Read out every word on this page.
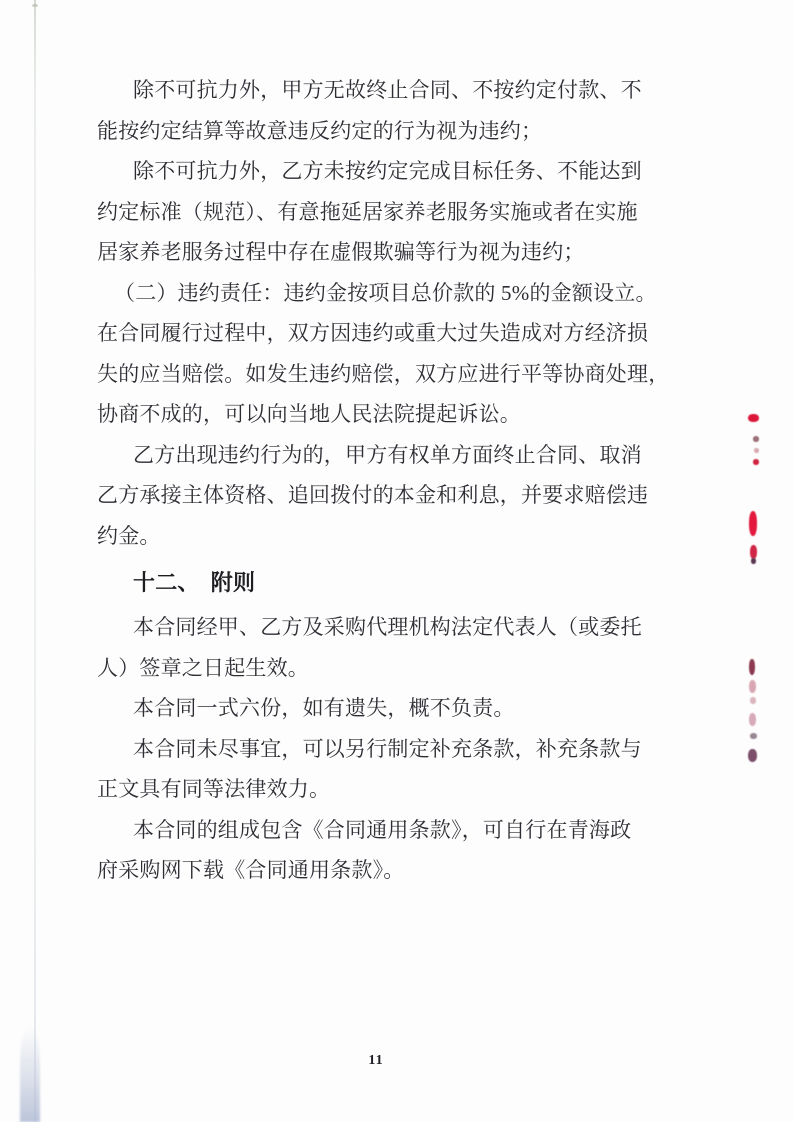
除不可抗力外，甲方无故终止合同、不按约定付款、不
能按约定结算等故意违反约定的行为视为违约；
除不可抗力外，乙方未按约定完成目标任务、不能达到
约定标准（规范）、有意拖延居家养老服务实施或者在实施
居家养老服务过程中存在虚假欺骗等行为视为违约；
（二）违约责任：违约金按项目总价款的 5%的金额设立。
在合同履行过程中，双方因违约或重大过失造成对方经济损
失的应当赔偿。如发生违约赔偿，双方应进行平等协商处理，
协商不成的，可以向当地人民法院提起诉讼。
乙方出现违约行为的，甲方有权单方面终止合同、取消
乙方承接主体资格、追回拨付的本金和利息，并要求赔偿违
约金。
十二、　附则
本合同经甲、乙方及采购代理机构法定代表人（或委托
人）签章之日起生效。
本合同一式六份，如有遗失，概不负责。
本合同未尽事宜，可以另行制定补充条款，补充条款与
正文具有同等法律效力。
本合同的组成包含《合同通用条款》，可自行在青海政
府采购网下载《合同通用条款》。
11
